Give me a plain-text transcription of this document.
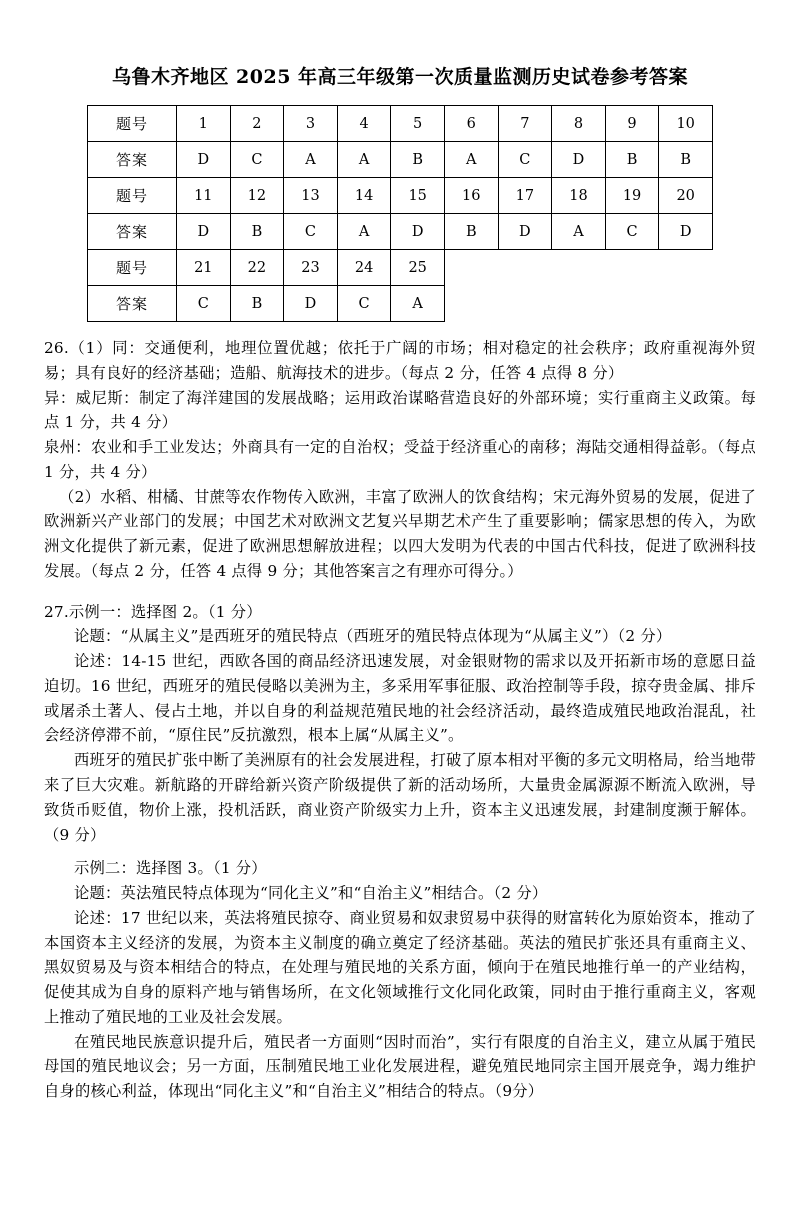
乌鲁木齐地区 2025 年高三年级第一次质量监测历史试卷参考答案
题号	1	2	3	4	5	6	7	8	9	10
答案	D	C	A	A	B	A	C	D	B	B
题号	11	12	13	14	15	16	17	18	19	20
答案	D	B	C	A	D	B	D	A	C	D
题号	21	22	23	24	25					
答案	C	B	D	C	A					

26.（1）同：交通便利，地理位置优越；依托于广阔的市场；相对稳定的社会秩序；政府重视海外贸易；具有良好的经济基础；造船、航海技术的进步。（每点 2 分，任答 4 点得 8 分）

异：威尼斯：制定了海洋建国的发展战略；运用政治谋略营造良好的外部环境；实行重商主义政策。每点 1 分，共 4 分）

泉州：农业和手工业发达；外商具有一定的自治权；受益于经济重心的南移；海陆交通相得益彰。（每点 1 分，共 4 分）

（2）水稻、柑橘、甘蔗等农作物传入欧洲，丰富了欧洲人的饮食结构；宋元海外贸易的发展，促进了欧洲新兴产业部门的发展；中国艺术对欧洲文艺复兴早期艺术产生了重要影响；儒家思想的传入，为欧洲文化提供了新元素，促进了欧洲思想解放进程；以四大发明为代表的中国古代科技，促进了欧洲科技发展。（每点 2 分，任答 4 点得 9 分；其他答案言之有理亦可得分。）

27.示例一：选择图 2。（1 分）

论题：“从属主义”是西班牙的殖民特点（西班牙的殖民特点体现为“从属主义”）（2 分）

论述：14-15 世纪，西欧各国的商品经济迅速发展，对金银财物的需求以及开拓新市场的意愿日益迫切。16 世纪，西班牙的殖民侵略以美洲为主，多采用军事征服、政治控制等手段，掠夺贵金属、排斥或屠杀土著人、侵占土地，并以自身的利益规范殖民地的社会经济活动，最终造成殖民地政治混乱，社会经济停滞不前，“原住民”反抗激烈，根本上属“从属主义”。

西班牙的殖民扩张中断了美洲原有的社会发展进程，打破了原本相对平衡的多元文明格局，给当地带来了巨大灾难。新航路的开辟给新兴资产阶级提供了新的活动场所，大量贵金属源源不断流入欧洲，导致货币贬值，物价上涨，投机活跃，商业资产阶级实力上升，资本主义迅速发展，封建制度濒于解体。（9 分）

示例二：选择图 3。（1 分）

论题：英法殖民特点体现为“同化主义”和“自治主义”相结合。（2 分）

论述：17 世纪以来，英法将殖民掠夺、商业贸易和奴隶贸易中获得的财富转化为原始资本，推动了本国资本主义经济的发展，为资本主义制度的确立奠定了经济基础。英法的殖民扩张还具有重商主义、黑奴贸易及与资本相结合的特点，在处理与殖民地的关系方面，倾向于在殖民地推行单一的产业结构，促使其成为自身的原料产地与销售场所，在文化领域推行文化同化政策，同时由于推行重商主义，客观上推动了殖民地的工业及社会发展。

在殖民地民族意识提升后，殖民者一方面则“因时而治”，实行有限度的自治主义，建立从属于殖民母国的殖民地议会；另一方面，压制殖民地工业化发展进程，避免殖民地同宗主国开展竞争，竭力维护自身的核心利益，体现出“同化主义”和“自治主义”相结合的特点。（9分）
